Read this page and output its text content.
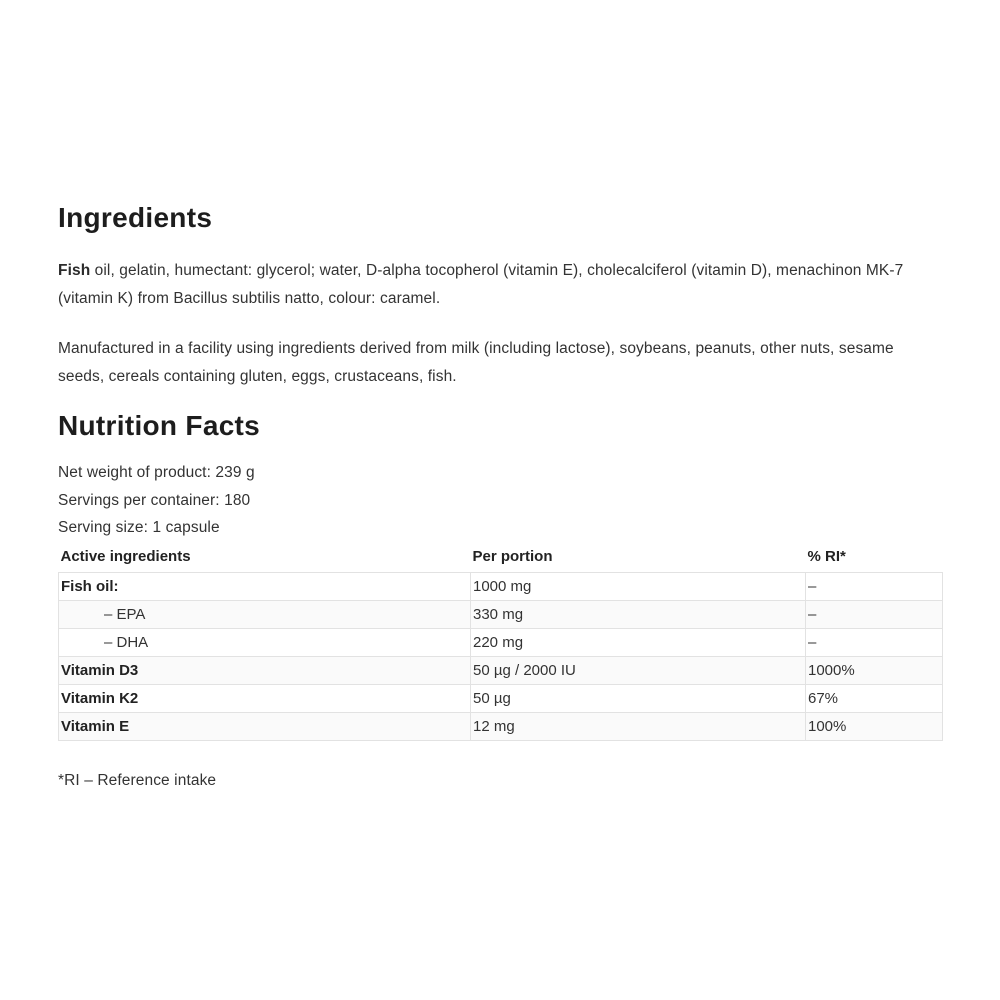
Ingredients

Fish oil, gelatin, humectant: glycerol; water, D-alpha tocopherol (vitamin E), cholecalciferol (vitamin D), menachinon MK-7 (vitamin K) from Bacillus subtilis natto, colour: caramel.

Manufactured in a facility using ingredients derived from milk (including lactose), soybeans, peanuts, other nuts, sesame seeds, cereals containing gluten, eggs, crustaceans, fish.

Nutrition Facts

Net weight of product: 239 g

Servings per container: 180

Serving size: 1 capsule

Active ingredients	Per portion	% RI*
Fish oil:	1000 mg	–
– EPA	330 mg	–
– DHA	220 mg	–
Vitamin D3	50 µg / 2000 IU	1000%
Vitamin K2	50 µg	67%
Vitamin E	12 mg	100%

*RI – Reference intake
